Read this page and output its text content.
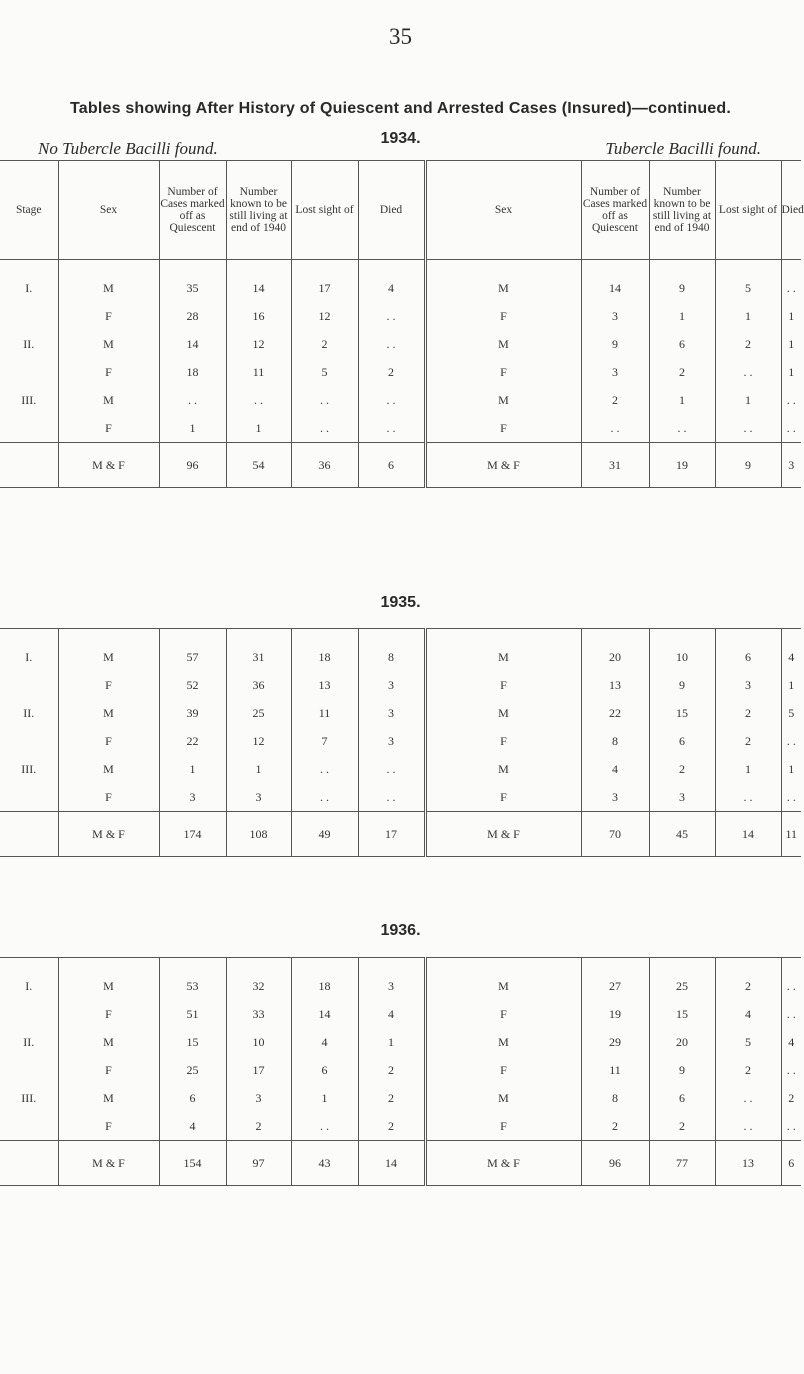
35
Tables showing After History of Quiescent and Arrested Cases (Insured)—continued.
1934.
No Tubercle Bacilli found.	Tubercle Bacilli found.
Stage	Sex	Number of Cases marked off as Quiescent	Number known to be still living at end of 1940	Lost sight of	Died	Sex	Number of Cases marked off as Quiescent	Number known to be still living at end of 1940	Lost sight of	Died

I.	M	35	14	17	4	M	14	9	5	. .
	F	28	16	12	. .	F	3	1	1	1
II.	M	14	12	2	. .	M	9	6	2	1
	F	18	11	5	2	F	3	2	. .	1
III.	M	. .	. .	. .	. .	M	2	1	1	. .
	F	1	1	. .	. .	F	. .	. .	. .	. .
	M & F	96	54	36	6	M & F	31	19	9	3
1935.

I.	M	57	31	18	8	M	20	10	6	4
	F	52	36	13	3	F	13	9	3	1
II.	M	39	25	11	3	M	22	15	2	5
	F	22	12	7	3	F	8	6	2	. .
III.	M	1	1	. .	. .	M	4	2	1	1
	F	3	3	. .	. .	F	3	3	. .	. .
	M & F	174	108	49	17	M & F	70	45	14	11
1936.

I.	M	53	32	18	3	M	27	25	2	. .
	F	51	33	14	4	F	19	15	4	. .
II.	M	15	10	4	1	M	29	20	5	4
	F	25	17	6	2	F	11	9	2	. .
III.	M	6	3	1	2	M	8	6	. .	2
	F	4	2	. .	2	F	2	2	. .	. .
	M & F	154	97	43	14	M & F	96	77	13	6
